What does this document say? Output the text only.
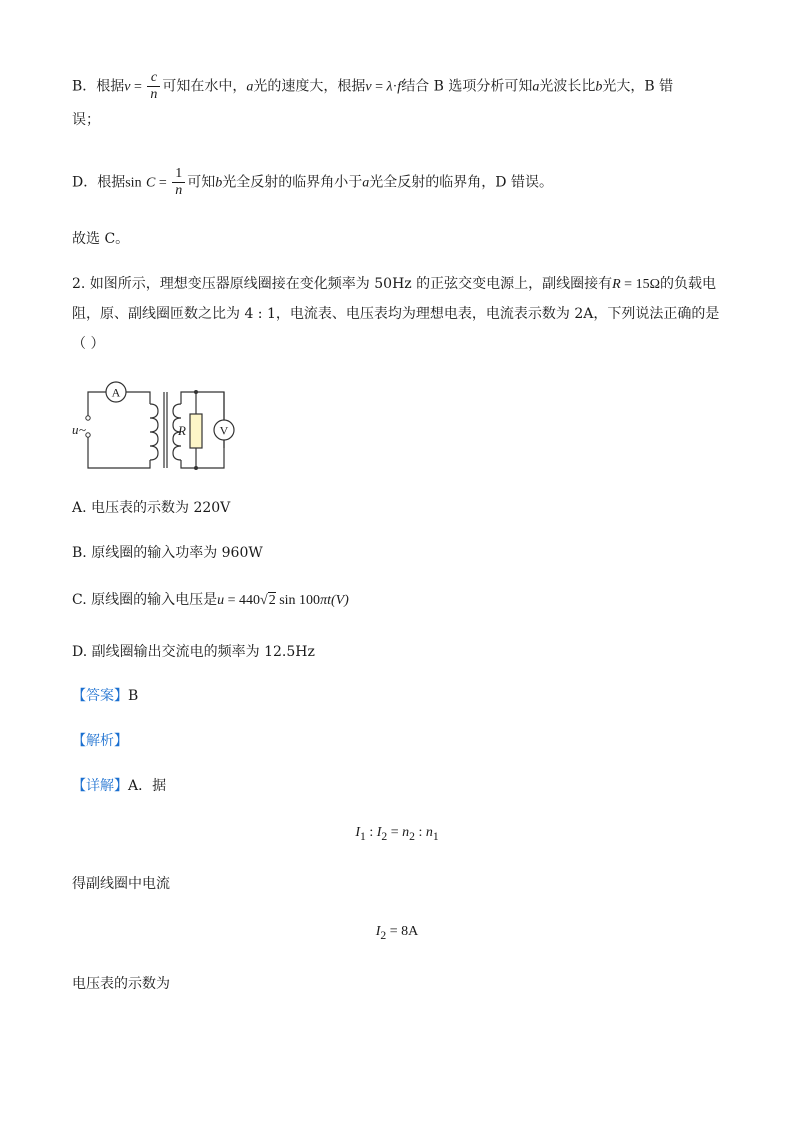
B．根据$v = \frac{c}{n}$ 可知在水中，a光的速度大，根据v = λ·f结合 B 选项分析可知a光波长比b光大，B 错
误；
D．根据$\sin C = \frac{1}{n}$ 可知b光全反射的临界角小于a光全反射的临界角，D 错误。
故选 C。
2. 如图所示，理想变压器原线圈接在变化频率为 50Hz 的正弦交变电源上，副线圈接有R = 15Ω的负载电
阻，原、副线圈匝数之比为 4 : 1，电流表、电压表均为理想电表，电流表示数为 2A，下列说法正确的是
（ ）
u ~
A
R	V
A. 电压表的示数为 220V
B. 原线圈的输入功率为 960W
C. 原线圈的输入电压是u = 440√2 sin 100πt(V)
D. 副线圈输出交流电的频率为 12.5Hz
【答案】B
【解析】
【详解】A．据
$I_1$ : $I_2 = n_2$ : $n_1$
得副线圈中电流
$I_2 = 8A$
电压表的示数为
